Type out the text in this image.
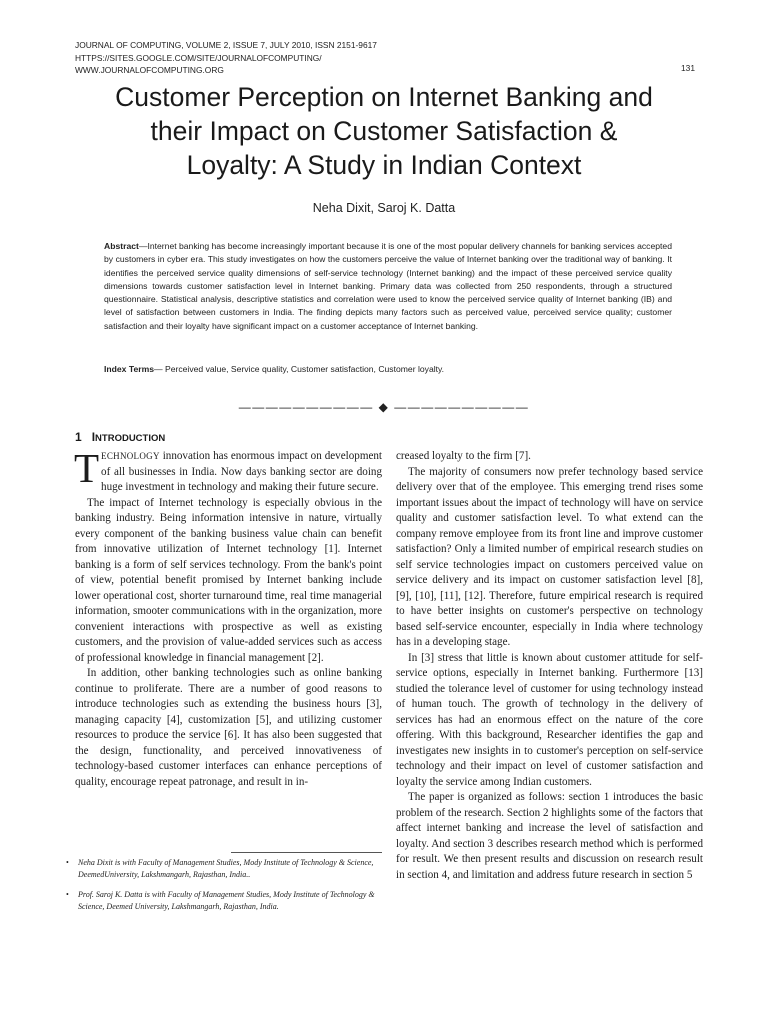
JOURNAL OF COMPUTING, VOLUME 2, ISSUE 7, JULY 2010, ISSN 2151-9617
HTTPS://SITES.GOOGLE.COM/SITE/JOURNALOFCOMPUTING/
WWW.JOURNALOFCOMPUTING.ORG	131
Customer Perception on Internet Banking and
their Impact on Customer Satisfaction &
Loyalty: A Study in Indian Context
Neha Dixit, Saroj K. Datta
Abstract—Internet banking has become increasingly important because it is one of the most popular delivery channels for banking services accepted by customers in cyber era. This study investigates on how the customers perceive the value of Internet banking over the traditional way of banking. It identifies the perceived service quality dimensions of self-service technology (Internet banking) and the impact of these perceived service quality dimensions towards customer satisfaction level in Internet banking. Primary data was collected from 250 respondents, through a structured questionnaire. Statistical analysis, descriptive statistics and correlation were used to know the perceived service quality of Internet banking (IB) and level of satisfaction between customers in India. The finding depicts many factors such as perceived value, perceived service quality; customer satisfaction and their loyalty have significant impact on a customer acceptance of Internet banking.
Index Terms— Perceived value, Service quality, Customer satisfaction, Customer loyalty.
—————————— ◆ ——————————
1 INTRODUCTION

TECHNOLOGY innovation has enormous impact on development of all businesses in India. Now days banking sector are doing huge investment in technology and making their future secure.

The impact of Internet technology is especially obvious in the banking industry. Being information intensive in nature, virtually every component of the banking business value chain can benefit from innovative utilization of Internet technology [1]. Internet banking is a form of self services technology. From the bank's point of view, potential benefit promised by Internet banking include lower operational cost, shorter turnaround time, real time managerial information, smooter communications with in the organization, more convenient interactions with prospective as well as existing customers, and the provision of value-added services such as access of professional knowledge in financial management [2].

In addition, other banking technologies such as online banking continue to proliferate. There are a number of good reasons to introduce technologies such as extending the business hours [3], managing capacity [4], customization [5], and utilizing customer resources to produce the service [6]. It has also been suggested that the design, functionality, and perceived innovativeness of technology-based customer interfaces can enhance perceptions of quality, encourage repeat patronage, and result in in-

creased loyalty to the firm [7].

The majority of consumers now prefer technology based service delivery over that of the employee. This emerging trend rises some important issues about the impact of technology will have on service quality and customer satisfaction level. To what extend can the company remove employee from its front line and improve customer satisfaction? Only a limited number of empirical research studies on self service technologies impact on customers perceived value on service delivery and its impact on customer satisfaction level [8], [9], [10], [11], [12]. Therefore, future empirical research is required to have better insights on customer's perspective on technology based self-service encounter, especially in India where technology has in a developing stage.

In [3] stress that little is known about customer attitude for self-service options, especially in Internet banking. Furthermore [13] studied the tolerance level of customer for using technology instead of human touch. The growth of technology in the delivery of services has had an enormous effect on the nature of the core offering. With this background, Researcher identifies the gap and investigates new insights in to customer's perception on self-service technology and their impact on level of customer satisfaction and loyalty the service among Indian customers.

The paper is organized as follows: section 1 introduces the basic problem of the research. Section 2 highlights some of the factors that affect internet banking and increase the level of satisfaction and loyalty. And section 3 describes research method which is performed for result. We then present results and discussion on research result in section 4, and limitation and address future research in section 5

• Neha Dixit is with Faculty of Management Studies, Mody Institute of Technology & Science, DeemedUniversity, Lakshmangarh, Rajasthan, India..
• Prof. Saroj K. Datta is with Faculty of Management Studies, Mody Institute of Technology & Science, Deemed University, Lakshmangarh, Rajasthan, India.
